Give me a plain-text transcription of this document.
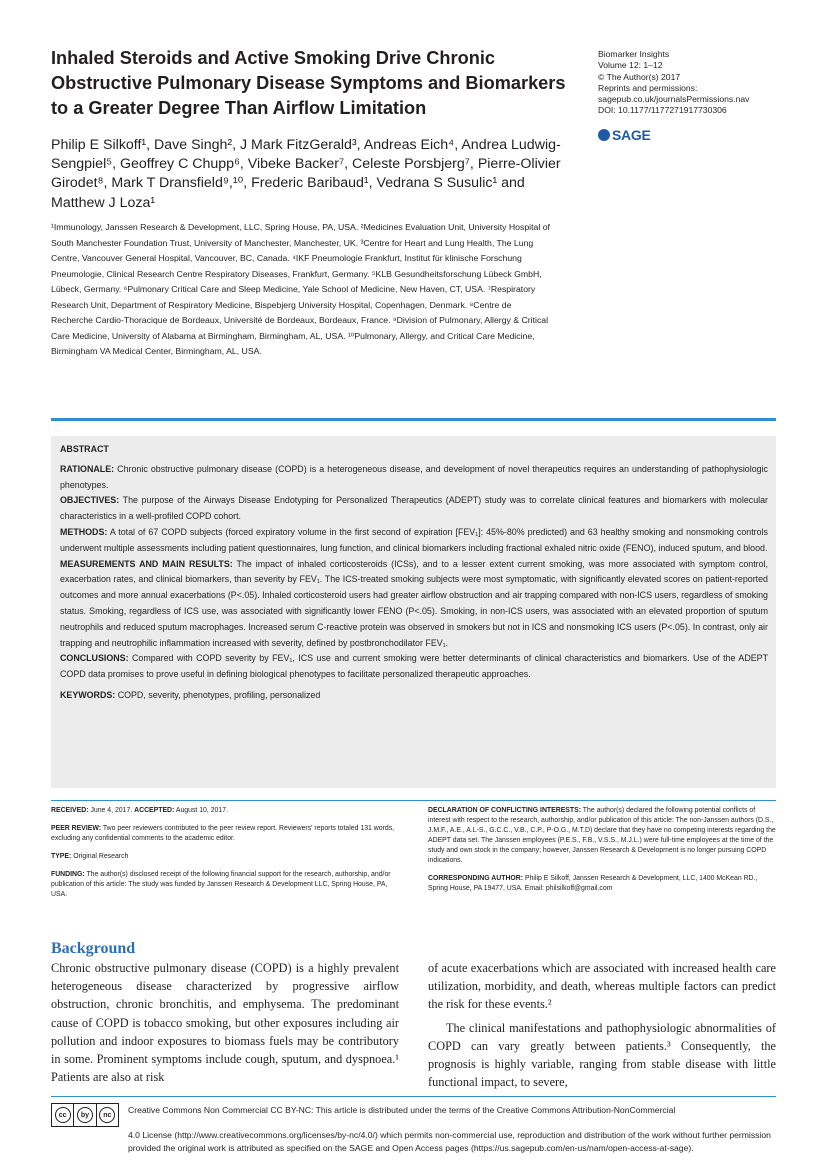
Inhaled Steroids and Active Smoking Drive Chronic Obstructive Pulmonary Disease Symptoms and Biomarkers to a Greater Degree Than Airflow Limitation
Biomarker Insights
Volume 12: 1–12
© The Author(s) 2017
Reprints and permissions:
sagepub.co.uk/journalsPermissions.nav
DOI: 10.1177/1177271917730306
SAGE
Philip E Silkoff¹, Dave Singh², J Mark FitzGerald³, Andreas Eich⁴, Andrea Ludwig-Sengpiel⁵, Geoffrey C Chupp⁶, Vibeke Backer⁷, Celeste Porsbjerg⁷, Pierre-Olivier Girodet⁸, Mark T Dransfield⁹,¹⁰, Frederic Baribaud¹, Vedrana S Susulic¹ and Matthew J Loza¹
¹Immunology, Janssen Research & Development, LLC, Spring House, PA, USA. ²Medicines Evaluation Unit, University Hospital of South Manchester Foundation Trust, University of Manchester, Manchester, UK. ³Centre for Heart and Lung Health, The Lung Centre, Vancouver General Hospital, Vancouver, BC, Canada. ⁴IKF Pneumologie Frankfurt, Institut für klinische Forschung Pneumologie, Clinical Research Centre Respiratory Diseases, Frankfurt, Germany. ⁵KLB Gesundheitsforschung Lübeck GmbH, Lübeck, Germany. ⁶Pulmonary Critical Care and Sleep Medicine, Yale School of Medicine, New Haven, CT, USA. ⁷Respiratory Research Unit, Department of Respiratory Medicine, Bispebjerg University Hospital, Copenhagen, Denmark. ⁸Centre de Recherche Cardio-Thoracique de Bordeaux, Université de Bordeaux, Bordeaux, France. ⁹Division of Pulmonary, Allergy & Critical Care Medicine, University of Alabama at Birmingham, Birmingham, AL, USA. ¹⁰Pulmonary, Allergy, and Critical Care Medicine, Birmingham VA Medical Center, Birmingham, AL, USA.
ABSTRACT
RATIONALE: Chronic obstructive pulmonary disease (COPD) is a heterogeneous disease, and development of novel therapeutics requires an understanding of pathophysiologic phenotypes.
OBJECTIVES: The purpose of the Airways Disease Endotyping for Personalized Therapeutics (ADEPT) study was to correlate clinical features and biomarkers with molecular characteristics in a well-profiled COPD cohort.
METHODS: A total of 67 COPD subjects (forced expiratory volume in the first second of expiration [FEV₁]: 45%-80% predicted) and 63 healthy smoking and nonsmoking controls underwent multiple assessments including patient questionnaires, lung function, and clinical biomarkers including fractional exhaled nitric oxide (FENO), induced sputum, and blood.
MEASUREMENTS AND MAIN RESULTS: The impact of inhaled corticosteroids (ICSs), and to a lesser extent current smoking, was more associated with symptom control, exacerbation rates, and clinical biomarkers, than severity by FEV₁. The ICS-treated smoking subjects were most symptomatic, with significantly elevated scores on patient-reported outcomes and more annual exacerbations (P<.05). Inhaled corticosteroid users had greater airflow obstruction and air trapping compared with non-ICS users, regardless of smoking status. Smoking, regardless of ICS use, was associated with significantly lower FENO (P<.05). Smoking, in non-ICS users, was associated with an elevated proportion of sputum neutrophils and reduced sputum macrophages. Increased serum C-reactive protein was observed in smokers but not in ICS and nonsmoking ICS users (P<.05). In contrast, only air trapping and neutrophilic inflammation increased with severity, defined by postbronchodilator FEV₁.
CONCLUSIONS: Compared with COPD severity by FEV₁, ICS use and current smoking were better determinants of clinical characteristics and biomarkers. Use of the ADEPT COPD data promises to prove useful in defining biological phenotypes to facilitate personalized therapeutic approaches.
KEYWORDS: COPD, severity, phenotypes, profiling, personalized

RECEIVED: June 4, 2017. ACCEPTED: August 10, 2017.

PEER REVIEW: Two peer reviewers contributed to the peer review report. Reviewers' reports totaled 131 words, excluding any confidential comments to the academic editor.

TYPE: Original Research

FUNDING: The author(s) disclosed receipt of the following financial support for the research, authorship, and/or publication of this article: The study was funded by Janssen Research & Development LLC, Spring House, PA, USA.

DECLARATION OF CONFLICTING INTERESTS: The author(s) declared the following potential conflicts of interest with respect to the research, authorship, and/or publication of this article: The non-Janssen authors (D.S., J.M.F., A.E., A.L-S., G.C.C., V.B., C.P., P-O.G., M.T.D) declare that they have no competing interests regarding the ADEPT data set. The Janssen employees (P.E.S., F.B., V.S.S., M.J.L.) were full-time employees at the time of the study and own stock in the company; however, Janssen Research & Development is no longer pursuing COPD indications.

CORRESPONDING AUTHOR: Philip E Silkoff, Janssen Research & Development, LLC, 1400 McKean RD., Spring House, PA 19477, USA. Email: philsilkoff@gmail.com

Background

Chronic obstructive pulmonary disease (COPD) is a highly prevalent heterogeneous disease characterized by progressive airflow obstruction, chronic bronchitis, and emphysema. The predominant cause of COPD is tobacco smoking, but other exposures including air pollution and indoor exposures to biomass fuels may be contributory in some. Prominent symptoms include cough, sputum, and dyspnoea.¹ Patients are also at risk

of acute exacerbations which are associated with increased health care utilization, morbidity, and death, whereas multiple factors can predict the risk for these events.²

The clinical manifestations and pathophysiologic abnormalities of COPD can vary greatly between patients.³ Consequently, the prognosis is highly variable, ranging from stable disease with little functional impact, to severe,

cc	by	nc	Creative Commons Non Commercial CC BY-NC: This article is distributed under the terms of the Creative Commons Attribution-NonCommercial
4.0 License (http://www.creativecommons.org/licenses/by-nc/4.0/) which permits non-commercial use, reproduction and distribution of the work without further permission provided the original work is attributed as specified on the SAGE and Open Access pages (https://us.sagepub.com/en-us/nam/open-access-at-sage).
